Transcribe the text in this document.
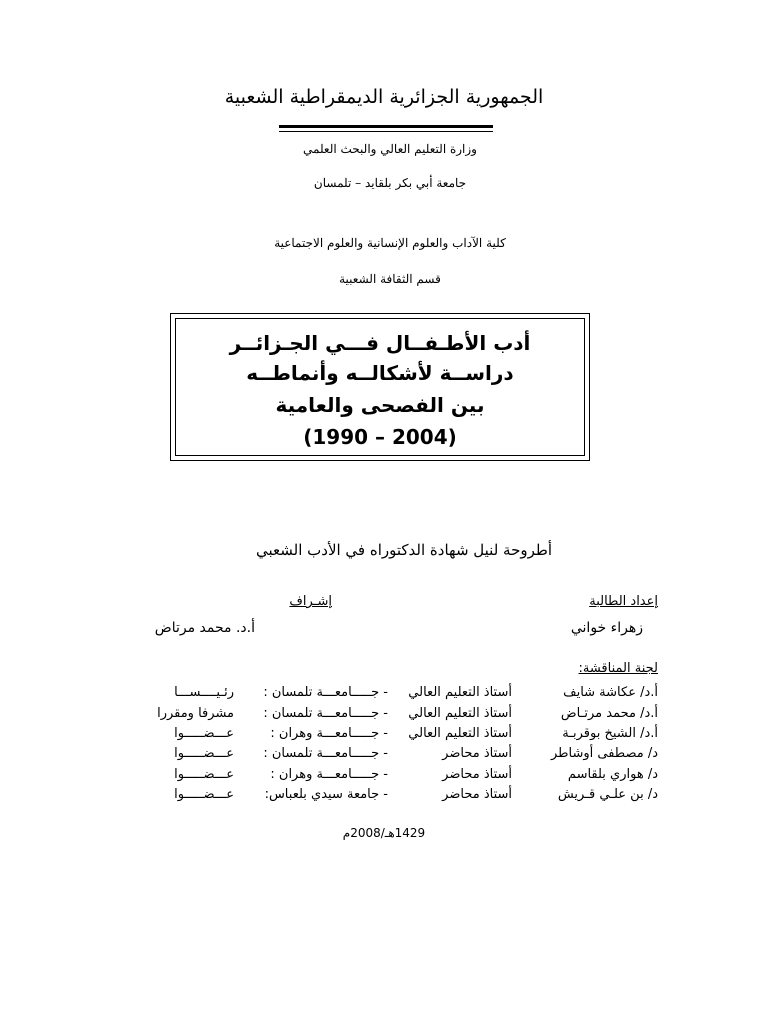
الجمهورية الجزائرية الديمقراطية الشعبية
وزارة التعليم العالي والبحث العلمي
جامعة أبي بكر بلقايد – تلمسان
كلية الآداب والعلوم الإنسانية والعلوم الاجتماعية
قسم الثقافة الشعبية
أدب الأطـفــال فـــي الجـزائــر
دراســة لأشكالــه وأنماطــه
بين الفصحى والعامية
(1990 – 2004)
أطروحة لنيل شهادة الدكتوراه في الأدب الشعبي
إعداد الطالبة
إشـراف
زهراء خواني
أ.د. محمد مرتاض
لجنة المناقشة:
أ.د/ عكاشة شايف
أستاذ التعليم العالي
- جـــــامعـــة تلمسان :
رئـيــــســـا
أ.د/ محمد مرتـاض
أستاذ التعليم العالي
- جـــــامعـــة تلمسان :
مشرفا ومقررا
أ.د/ الشيخ بوقربـة
أستاذ التعليم العالي
- جـــــامعـــة وهران :
عـــضـــــوا
د/ مصطفى أوشاطر
أستاذ محاضر
- جـــــامعـــة تلمسان :
عـــضـــــوا
د/ هواري بلقاسم
أستاذ محاضر
- جـــــامعـــة وهران :
عـــضـــــوا
د/ بن علـي قـريش
أستاذ محاضر
- جامعة سيدي بلعباس:
عـــضـــــوا
1429هـ/2008م
